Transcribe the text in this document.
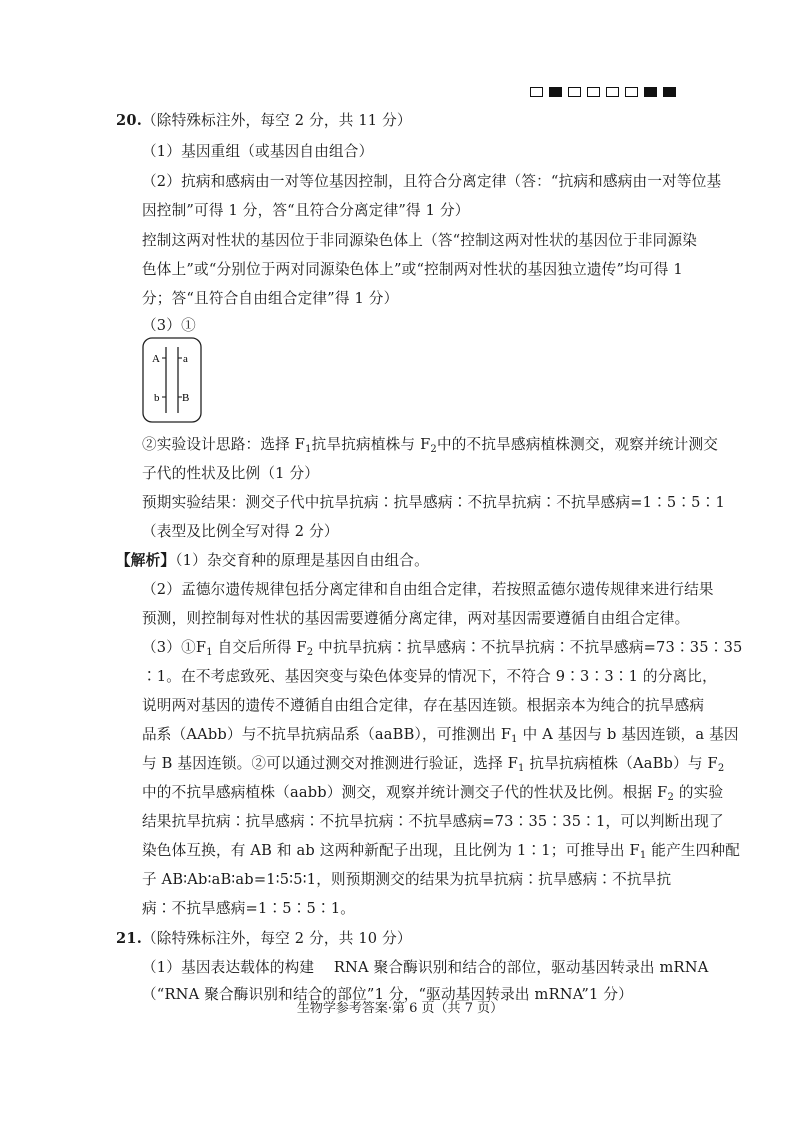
20.（除特殊标注外，每空 2 分，共 11 分）
（1）基因重组（或基因自由组合）
（2）抗病和感病由一对等位基因控制，且符合分离定律（答：“抗病和感病由一对等位基
因控制”可得 1 分，答“且符合分离定律”得 1 分）
控制这两对性状的基因位于非同源染色体上（答“控制这两对性状的基因位于非同源染
色体上”或“分别位于两对同源染色体上”或“控制两对性状的基因独立遗传”均可得 1
分；答“且符合自由组合定律”得 1 分）
（3）①
②实验设计思路：选择 $F_1$抗旱抗病植株与 $F_2$中的不抗旱感病植株测交，观察并统计测交
子代的性状及比例（1 分）
预期实验结果：测交子代中抗旱抗病∶抗旱感病∶不抗旱抗病∶不抗旱感病=1∶5∶5∶1
（表型及比例全写对得 2 分）
【解析】（1）杂交育种的原理是基因自由组合。
（2）孟德尔遗传规律包括分离定律和自由组合定律，若按照孟德尔遗传规律来进行结果
预测，则控制每对性状的基因需要遵循分离定律，两对基因需要遵循自由组合定律。
$(3)①F_1$ 自交后所得 $F_2$ 中抗旱抗病∶抗旱感病∶不抗旱抗病∶不抗旱感病=73∶35∶35
∶1。在不考虑致死、基因突变与染色体变异的情况下，不符合 9∶3∶3∶1 的分离比，
说明两对基因的遗传不遵循自由组合定律，存在基因连锁。根据亲本为纯合的抗旱感病
品系（AAbb）与不抗旱抗病品系（aaBB），可推测出 $F_1$ 中 A 基因与 b 基因连锁，a 基因
与 B 基因连锁。②可以通过测交对推测进行验证，选择 $F_1$ 抗旱抗病植株（AaBb）与 $F_2$
中的不抗旱感病植株（aabb）测交，观察并统计测交子代的性状及比例。根据 $F_2$ 的实验
结果抗旱抗病∶抗旱感病∶不抗旱抗病∶不抗旱感病=73∶35∶35∶1，可以判断出现了
染色体互换，有 AB 和 ab 这两种新配子出现，且比例为 1∶1；可推导出 $F_1$ 能产生四种配
子 AB∶Ab∶aB∶ab=1∶5∶5∶1，则预期测交的结果为抗旱抗病∶抗旱感病∶不抗旱抗
病∶不抗旱感病=1∶5∶5∶1。
21.（除特殊标注外，每空 2 分，共 10 分）
（1）基因表达载体的构建　 RNA 聚合酶识别和结合的部位，驱动基因转录出 mRNA
（“RNA 聚合酶识别和结合的部位”1 分，“驱动基因转录出 mRNA”1 分）
A a
b B
生物学参考答案·第 6 页（共 7 页）
